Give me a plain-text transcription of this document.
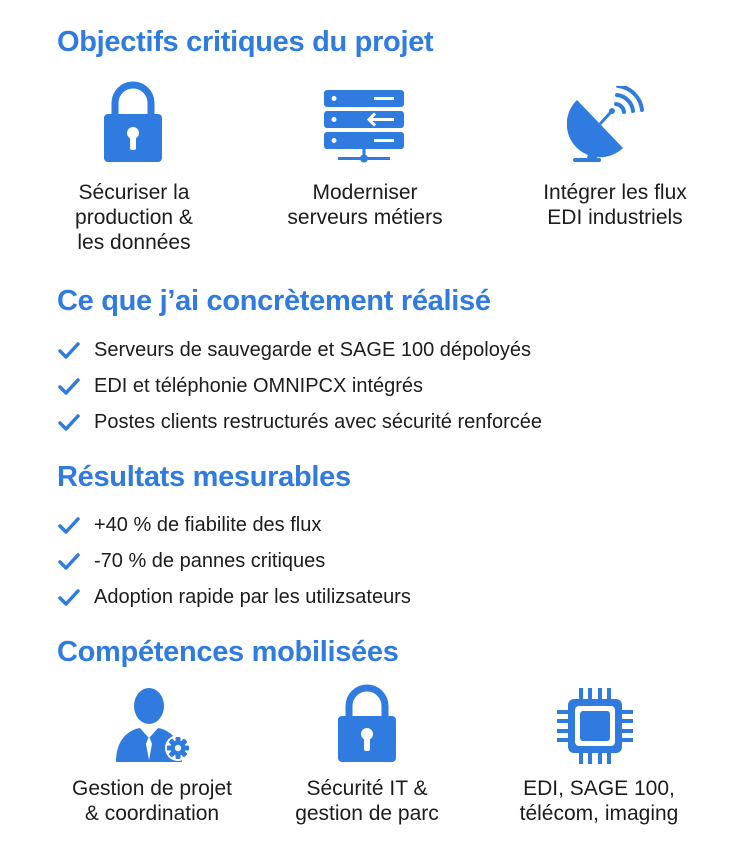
Objectifs critiques du projet
Sécuriser la
production &
les données
Moderniser
serveurs métiers
Intégrer les flux
EDI industriels
Ce que j’ai concrètement réalisé
Serveurs de sauvegarde et SAGE 100 dépoloyés
EDI et téléphonie OMNIPCX intégrés
Postes clients restructurés avec sécurité renforcée
Résultats mesurables
+40 % de fiabilite des flux
-70 % de pannes critiques
Adoption rapide par les utilizsateurs
Compétences mobilisées
Gestion de projet
& coordination
Sécurité IT &
gestion de parc
EDI, SAGE 100,
télécom, imaging
